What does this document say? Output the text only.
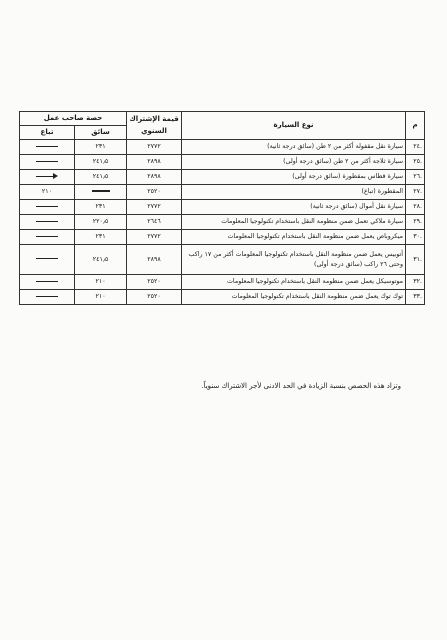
م	نوع السيارة	قيمة الإشتراك
السنوي	حصة صاحب عمل	
			سائق	تباع
.٢٤	سيارة نقل مقفولة أكثر من ٢ طن (سائق درجة ثانية)	٢٧٧٢	٢٣١	
.٢٥	سيارة ثلاجة أكثر من ٢ طن (سائق درجة أولى)	٢٨٩٨	٢٤١٫٥	
.٢٦	سيارة قطاس بمقطورة (سائق درجة أولى)	٢٨٩٨	٢٤١٫٥	
.٢٧	المقطورة (تباع)	٢٥٢٠		٢١٠
.٢٨	سيارة نقل أموال (سائق درجة ثانية)	٢٧٧٢	٢٣١	
.٢٩	سيارة ملاكي تعمل ضمن منظومة النقل باستخدام تكنولوجيا المعلومات	٢٦٤٦	٢٢٠٫٥	
.٣٠	ميكروباص يعمل ضمن منظومة النقل باستخدام تكنولوجيا المعلومات	٢٧٧٢	٢٣١	
.٣١	أتوبيس يعمل ضمن منظومة النقل باستخدام تكنولوجيا المعلومات أكثر من ١٧ راكب
وحتى ٢٦ راكب (سائق درجة أولى)	٢٨٩٨	٢٤١٫٥	
.٣٢	موتوسيكل يعمل ضمن منظومة النقل باستخدام تكنولوجيا المعلومات	٢٥٢٠	٢١٠	
.٣٣	توك توك يعمل ضمن منظومة النقل باستخدام تكنولوجيا المعلومات	٢٥٢٠	٢١٠	
وتزاد هذه الحصص بنسبة الزيادة في الحد الادنى لأجر الاشتراك سنوياً.
